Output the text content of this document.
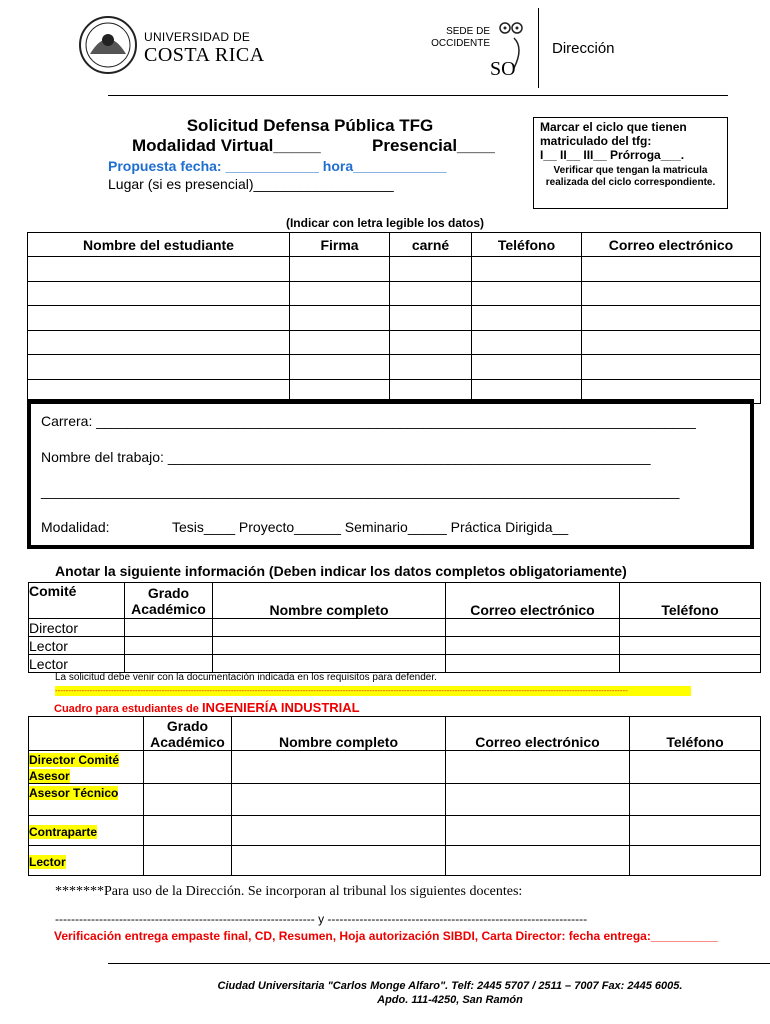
UNIVERSIDAD DE
COSTA RICA
SEDE DE
OCCIDENTE
SO
Dirección
Solicitud Defensa Pública TFG
Modalidad Virtual_____	Presencial____
Propuesta fecha: ____________ hora____________
Lugar (si es presencial)__________________
Marcar el ciclo que tienen
matriculado del tfg:
I__ II__ III__ Prórroga___.
Verificar que tengan la matricula realizada del ciclo correspondiente.
(Indicar con letra legible los datos)
Nombre del estudiante	Firma	carné	Teléfono	Correo electrónico

Carrera: _____________________________________________________________________________
Nombre del trabajo: ______________________________________________________________
__________________________________________________________________________________
Modalidad:	Tesis____ Proyecto______ Seminario_____ Práctica Dirigida__
Anotar la siguiente información (Deben indicar los datos completos obligatoriamente)
Comité	Grado Académico	Nombre completo	Correo electrónico	Teléfono
Director				
Lector				
Lector				
La solicitud debe venir con la documentación indicada en los requisitos para defender.
-----------------------------------------------------------------------------------------------------------------------------------------------------------------------------------------------------------------------
Cuadro para estudiantes de INGENIERÍA INDUSTRIAL
	Grado Académico	Nombre completo	Correo electrónico	Teléfono
Director Comité Asesor				
Asesor Técnico				
Contraparte				
Lector				
*******Para uso de la Dirección. Se incorporan al tribunal los siguientes docentes:
----------------------------------------------------------------- y -----------------------------------------------------------------
Verificación entrega empaste final, CD, Resumen, Hoja autorización SIBDI, Carta Director: fecha entrega:__________
Ciudad Universitaria "Carlos Monge Alfaro". Telf: 2445 5707 / 2511 – 7007 Fax: 2445 6005.
Apdo. 111-4250, San Ramón
